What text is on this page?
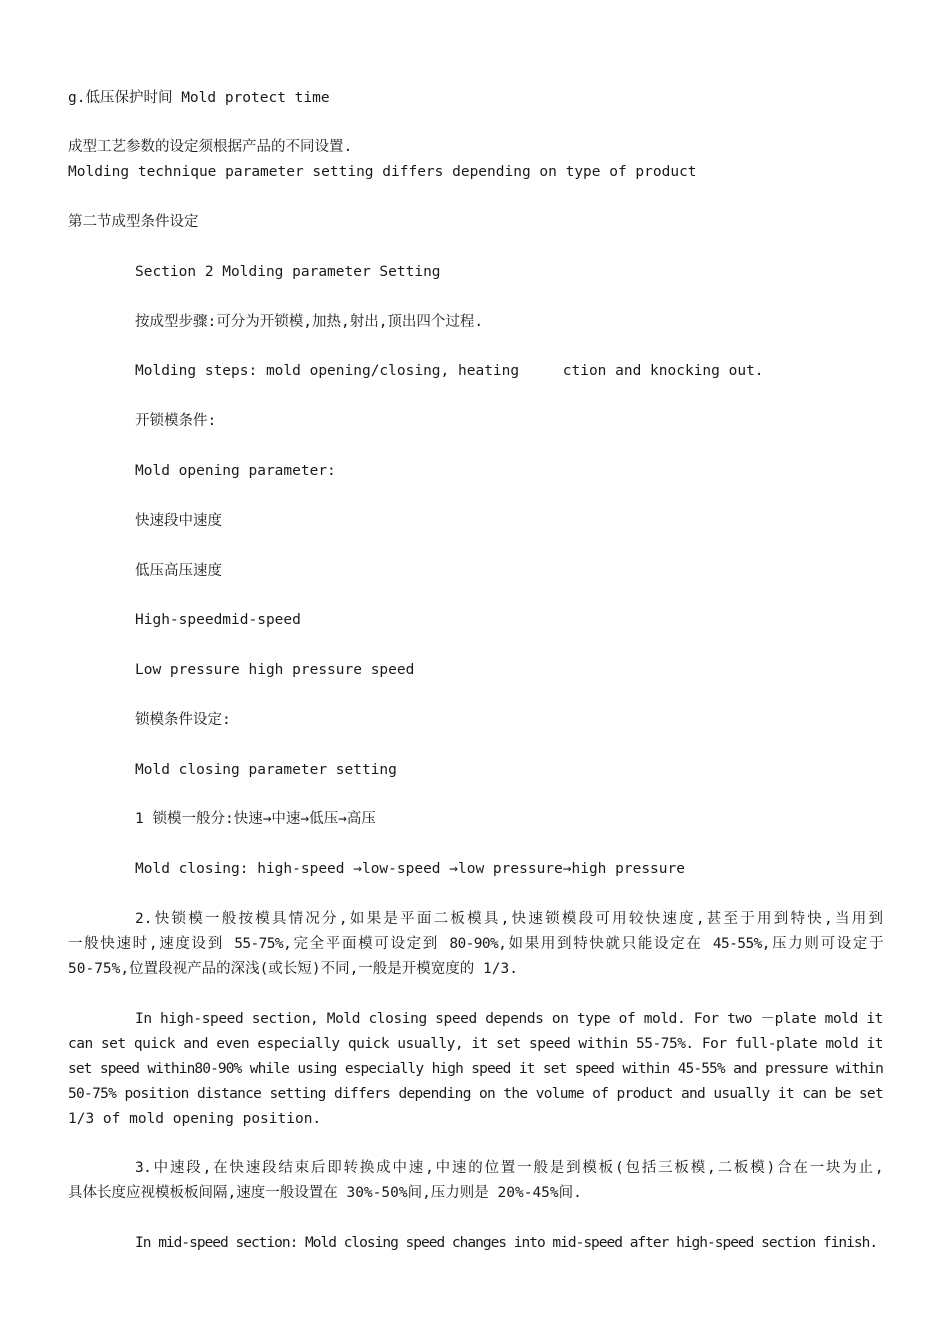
g.低压保护时间 Mold protect time
成型工艺参数的设定须根据产品的不同设置.
Molding technique parameter setting differs depending on type of product
第二节成型条件设定
Section 2 Molding parameter Setting
按成型步骤:可分为开锁模,加热,射出,顶出四个过程.
Molding steps: mold opening/closing, heating     ction and knocking out.
开锁模条件:
Mold opening parameter:
快速段中速度
低压高压速度
High-speedmid-speed
Low pressure high pressure speed
锁模条件设定:
Mold closing parameter setting
1 锁模一般分:快速→中速→低压→高压
Mold closing: high-speed →low-speed →low pressure→high pressure
2.快锁模一般按模具情况分,如果是平面二板模具,快速锁模段可用较快速度,甚至于用到特快,当用到
一般快速时,速度设到 55-75%,完全平面模可设定到 80-90%,如果用到特快就只能设定在 45-55%,压力则可设定于
50-75%,位置段视产品的深浅(或长短)不同,一般是开模宽度的 1/3.
In high-speed section, Mold closing speed depends on type of mold. For two －plate mold it
can set quick and even especially quick usually, it set speed within 55-75%. For full-plate mold it
set speed within80-90% while using especially high speed it set speed within 45-55% and pressure within
50-75% position distance setting differs depending on the volume of product and usually it can be set
1/3 of mold opening position.
3.中速段,在快速段结束后即转换成中速,中速的位置一般是到模板(包括三板模,二板模)合在一块为止,
具体长度应视模板板间隔,速度一般设置在 30%-50%间,压力则是 20%-45%间.
In mid-speed section: Mold closing speed changes into mid-speed after high-speed section finish.
